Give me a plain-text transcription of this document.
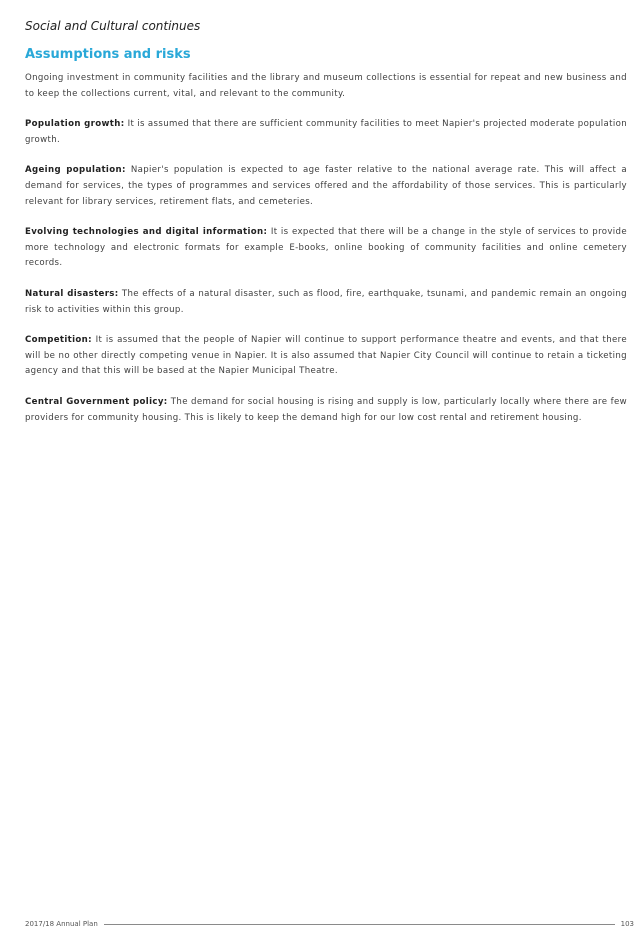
Social and Cultural continues
Assumptions and risks

Ongoing investment in community facilities and the library and museum collections is essential for repeat and new business and to keep the collections current, vital, and relevant to the community.

Population growth: It is assumed that there are sufficient community facilities to meet Napier's projected moderate population growth.

Ageing population: Napier's population is expected to age faster relative to the national average rate. This will affect a demand for services, the types of programmes and services offered and the affordability of those services. This is particularly relevant for library services, retirement flats, and cemeteries.

Evolving technologies and digital information: It is expected that there will be a change in the style of services to provide more technology and electronic formats for example E-books, online booking of community facilities and online cemetery records.

Natural disasters: The effects of a natural disaster, such as flood, fire, earthquake, tsunami, and pandemic remain an ongoing risk to activities within this group.

Competition: It is assumed that the people of Napier will continue to support performance theatre and events, and that there will be no other directly competing venue in Napier. It is also assumed that Napier City Council will continue to retain a ticketing agency and that this will be based at the Napier Municipal Theatre.

Central Government policy: The demand for social housing is rising and supply is low, particularly locally where there are few providers for community housing. This is likely to keep the demand high for our low cost rental and retirement housing.

2017/18 Annual Plan	103
